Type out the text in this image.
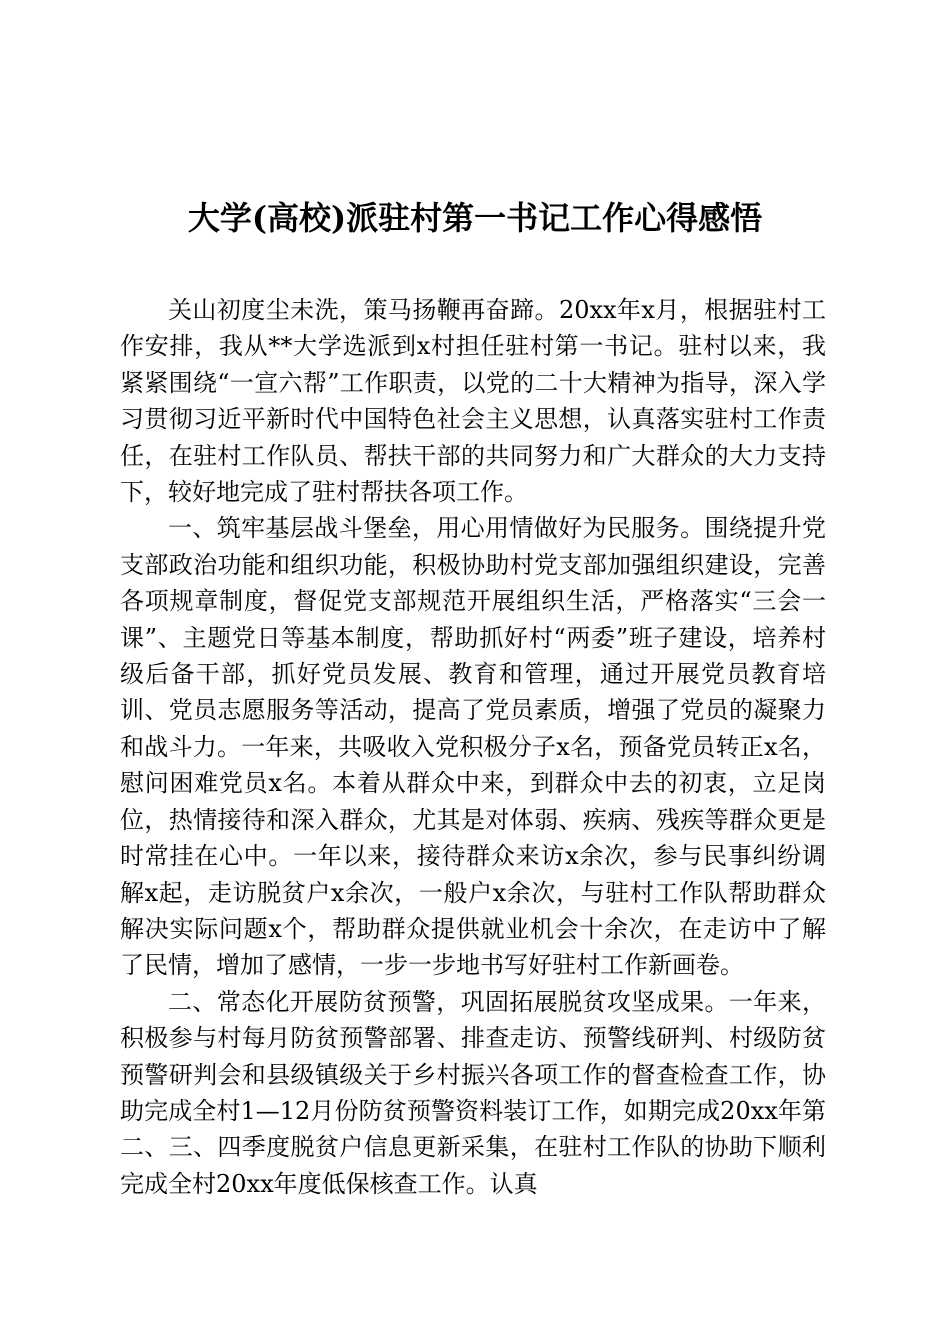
大学(高校)派驻村第一书记工作心得感悟

关山初度尘未洗，策马扬鞭再奋蹄。20xx年x月，根据驻村工作安排，我从**大学选派到x村担任驻村第一书记。驻村以来，我紧紧围绕“一宣六帮”工作职责，以党的二十大精神为指导，深入学习贯彻习近平新时代中国特色社会主义思想，认真落实驻村工作责任，在驻村工作队员、帮扶干部的共同努力和广大群众的大力支持下，较好地完成了驻村帮扶各项工作。

一、筑牢基层战斗堡垒，用心用情做好为民服务。围绕提升党支部政治功能和组织功能，积极协助村党支部加强组织建设，完善各项规章制度，督促党支部规范开展组织生活，严格落实“三会一课”、主题党日等基本制度，帮助抓好村“两委”班子建设，培养村级后备干部，抓好党员发展、教育和管理，通过开展党员教育培训、党员志愿服务等活动，提高了党员素质，增强了党员的凝聚力和战斗力。一年来，共吸收入党积极分子x名，预备党员转正x名，慰问困难党员x名。本着从群众中来，到群众中去的初衷，立足岗位，热情接待和深入群众，尤其是对体弱、疾病、残疾等群众更是时常挂在心中。一年以来，接待群众来访x余次，参与民事纠纷调解x起，走访脱贫户x余次，一般户x余次，与驻村工作队帮助群众解决实际问题x个，帮助群众提供就业机会十余次，在走访中了解了民情，增加了感情，一步一步地书写好驻村工作新画卷。

二、常态化开展防贫预警，巩固拓展脱贫攻坚成果。一年来，积极参与村每月防贫预警部署、排查走访、预警线研判、村级防贫预警研判会和县级镇级关于乡村振兴各项工作的督查检查工作，协助完成全村1—12月份防贫预警资料装订工作，如期完成20xx年第二、三、四季度脱贫户信息更新采集，在驻村工作队的协助下顺利完成全村20xx年度低保核查工作。认真
